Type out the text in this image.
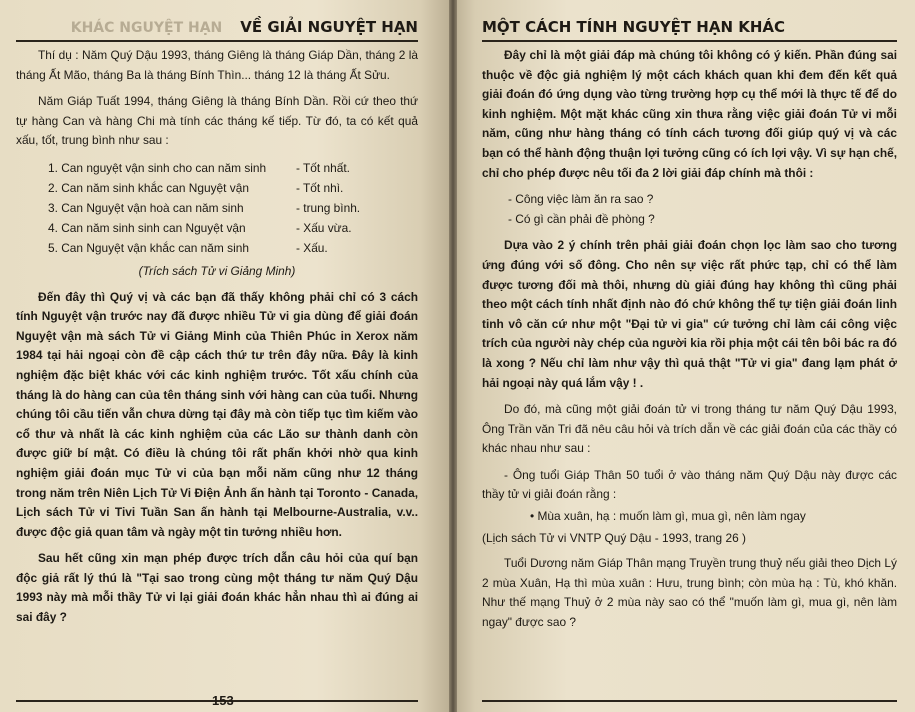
KHÁC NGUYỆT HẠN VỀ GIẢI NGUYỆT HẠN

Thí dụ : Năm Quý Dậu 1993, tháng Giêng là tháng Giáp Dần, tháng 2 là tháng Ất Mão, tháng Ba là tháng Bính Thìn... tháng 12 là tháng Ất Sửu.

Năm Giáp Tuất 1994, tháng Giêng là tháng Bính Dần. Rồi cứ theo thứ tự hàng Can và hàng Chi mà tính các tháng kế tiếp. Từ đó, ta có kết quả xấu, tốt, trung bình như sau :

1. Can nguyệt vận sinh cho can năm sinh	- Tốt nhất.
2. Can năm sinh khắc can Nguyệt vận	- Tốt nhì.
3. Can Nguyệt vận hoà can năm sinh	- trung bình.
4. Can năm sinh sinh can Nguyệt vận	- Xấu vừa.
5. Can Nguyệt vận khắc can năm sinh	- Xấu.

(Trích sách Tử vi Giảng Minh)

Đến đây thì Quý vị và các bạn đã thấy không phải chỉ có 3 cách tính Nguyệt vận trước nay đã được nhiều Tử vi gia dùng để giải đoán Nguyệt vận mà sách Tử vi Giảng Minh của Thiên Phúc in Xerox năm 1984 tại hải ngoại còn đề cập cách thứ tư trên đây nữa. Đây là kinh nghiệm đặc biệt khác với các kinh nghiệm trước. Tốt xấu chính của tháng là do hàng can của tên tháng sinh với hàng can của tuổi. Nhưng chúng tôi cầu tiến vẫn chưa dừng tại đây mà còn tiếp tục tìm kiếm vào cổ thư và nhất là các kinh nghiệm của các Lão sư thành danh còn được giữ bí mật. Có điều là chúng tôi rất phấn khởi nhờ qua kinh nghiệm giải đoán mục Tử vi của bạn mỗi năm cũng như 12 tháng trong năm trên Niên Lịch Tử Vi Điện Ảnh ấn hành tại Toronto - Canada, Lịch sách Tử vi Tivi Tuần San ấn hành tại Melbourne-Australia, v.v.. được độc giả quan tâm và ngày một tin tưởng nhiều hơn.

Sau hết cũng xin mạn phép được trích dẫn câu hỏi của quí bạn độc giả rất lý thú là "Tại sao trong cùng một tháng tư năm Quý Dậu 1993 này mà mỗi thầy Tử vi lại giải đoán khác hẳn nhau thì ai đúng ai sai đây ?

153
MỘT CÁCH TÍNH NGUYỆT HẠN KHÁC

Đây chỉ là một giải đáp mà chúng tôi không có ý kiến. Phần đúng sai thuộc về độc giả nghiệm lý một cách khách quan khi đem đến kết quả giải đoán đó ứng dụng vào từng trường hợp cụ thể mới là thực tế để do kinh nghiệm. Một mặt khác cũng xin thưa rằng việc giải đoán Tử vi mỗi năm, cũng như hàng tháng có tính cách tương đối giúp quý vị và các bạn có thể hành động thuận lợi tưởng cũng có ích lợi vậy. Vì sự hạn chế, chỉ cho phép được nêu tối đa 2 lời giải đáp chính mà thôi :

- Công việc làm ăn ra sao ?

- Có gì cần phải đề phòng ?

Dựa vào 2 ý chính trên phải giải đoán chọn lọc làm sao cho tương ứng đúng với số đông. Cho nên sự việc rất phức tạp, chỉ có thể làm được tương đối mà thôi, nhưng dù giải đúng hay không thì cũng phải theo một cách tính nhất định nào đó chứ không thể tự tiện giải đoán linh tinh vô căn cứ như một "Đại tử vi gia" cứ tưởng chỉ làm cái công việc trích của người này chép của người kia rồi phịa một cái tên bôi bác ra đó là xong ? Nếu chỉ làm như vậy thì quả thật "Tử vi gia" đang lạm phát ở hải ngoại này quá lắm vậy ! .

Do đó, mà cũng một giải đoán tử vi trong tháng tư năm Quý Dậu 1993, Ông Trần văn Tri đã nêu câu hỏi và trích dẫn về các giải đoán của các thầy có khác nhau như sau :

- Ông tuổi Giáp Thân 50 tuổi ở vào tháng năm Quý Dậu này được các thầy tử vi giải đoán rằng :

• Mùa xuân, hạ : muốn làm gì, mua gì, nên làm ngay

(Lịch sách Tử vi VNTP Quý Dậu - 1993, trang 26 )

Tuổi Dương năm Giáp Thân mạng Truyền trung thuỷ nếu giải theo Dịch Lý 2 mùa Xuân, Hạ thì mùa xuân : Hưu, trung bình; còn mùa hạ : Tù, khó khăn. Như thế mạng Thuỷ ở 2 mùa này sao có thể "muốn làm gì, mua gì, nên làm ngay" được sao ?
